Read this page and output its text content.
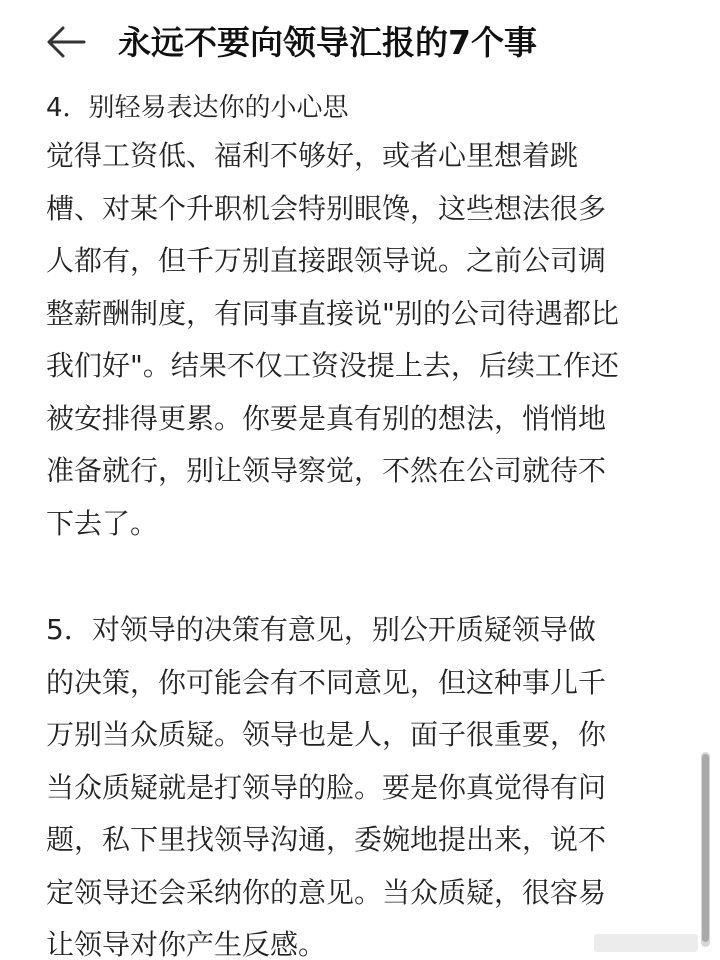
永远不要向领导汇报的7个事
4．别轻易表达你的小心思
觉得工资低、福利不够好，或者心里想着跳
槽、对某个升职机会特别眼馋，这些想法很多
人都有，但千万别直接跟领导说。之前公司调
整薪酬制度，有同事直接说"别的公司待遇都比
我们好"。结果不仅工资没提上去，后续工作还
被安排得更累。你要是真有别的想法，悄悄地
准备就行，别让领导察觉，不然在公司就待不
下去了。
5．对领导的决策有意见，别公开质疑领导做
的决策，你可能会有不同意见，但这种事儿千
万别当众质疑。领导也是人，面子很重要，你
当众质疑就是打领导的脸。要是你真觉得有问
题，私下里找领导沟通，委婉地提出来，说不
定领导还会采纳你的意见。当众质疑，很容易
让领导对你产生反感。
